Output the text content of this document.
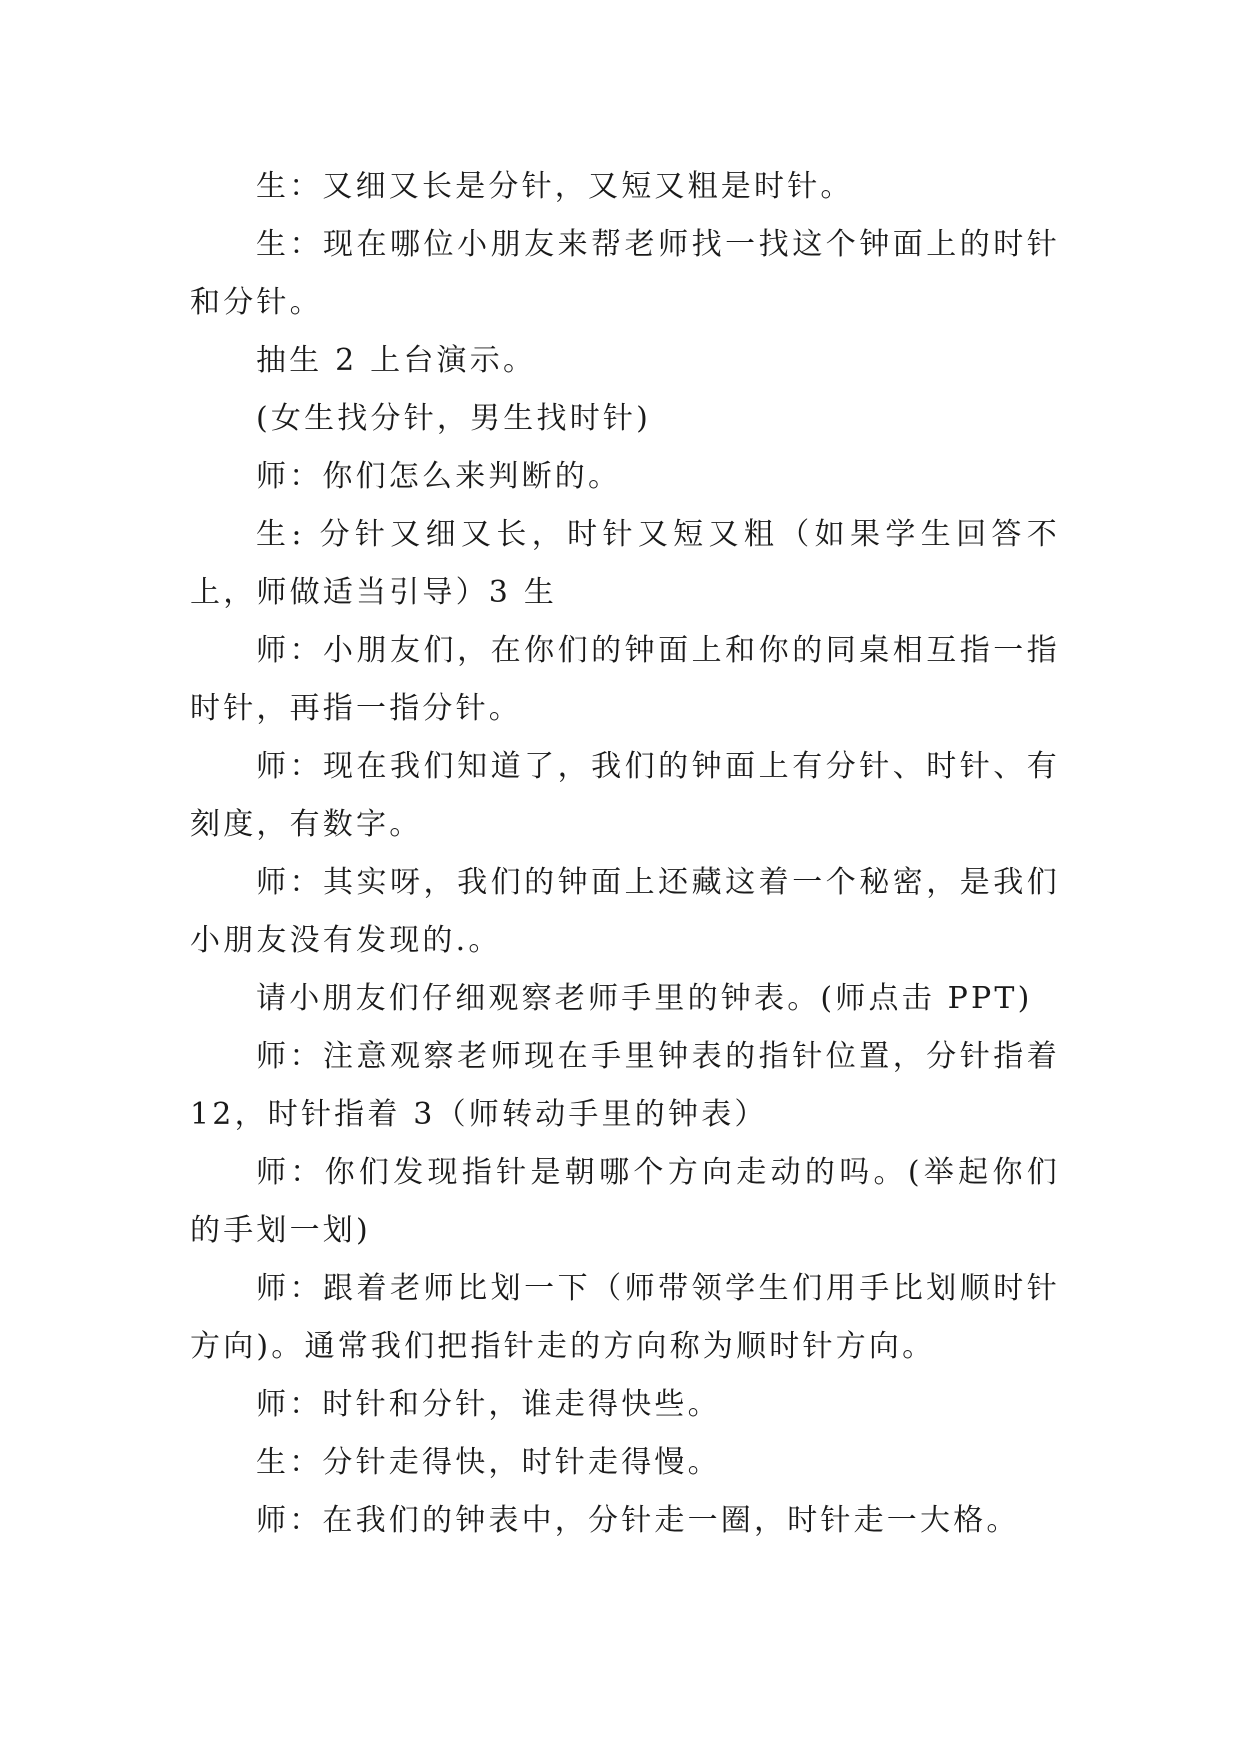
生：又细又长是分针，又短又粗是时针。

生：现在哪位小朋友来帮老师找一找这个钟面上的时针和分针。

抽生 2 上台演示。

(女生找分针，男生找时针)

师：你们怎么来判断的。

生: 分针又细又长，时针又短又粗（如果学生回答不上，师做适当引导）3 生

师：小朋友们，在你们的钟面上和你的同桌相互指一指时针，再指一指分针。

师：现在我们知道了，我们的钟面上有分针、时针、有刻度，有数字。

师：其实呀，我们的钟面上还藏这着一个秘密，是我们小朋友没有发现的.。

请小朋友们仔细观察老师手里的钟表。(师点击 PPT)

师：注意观察老师现在手里钟表的指针位置，分针指着12，时针指着 3（师转动手里的钟表）

师：你们发现指针是朝哪个方向走动的吗。(举起你们的手划一划)

师：跟着老师比划一下（师带领学生们用手比划顺时针方向)。通常我们把指针走的方向称为顺时针方向。

师：时针和分针，谁走得快些。

生：分针走得快，时针走得慢。

师：在我们的钟表中，分针走一圈，时针走一大格。
